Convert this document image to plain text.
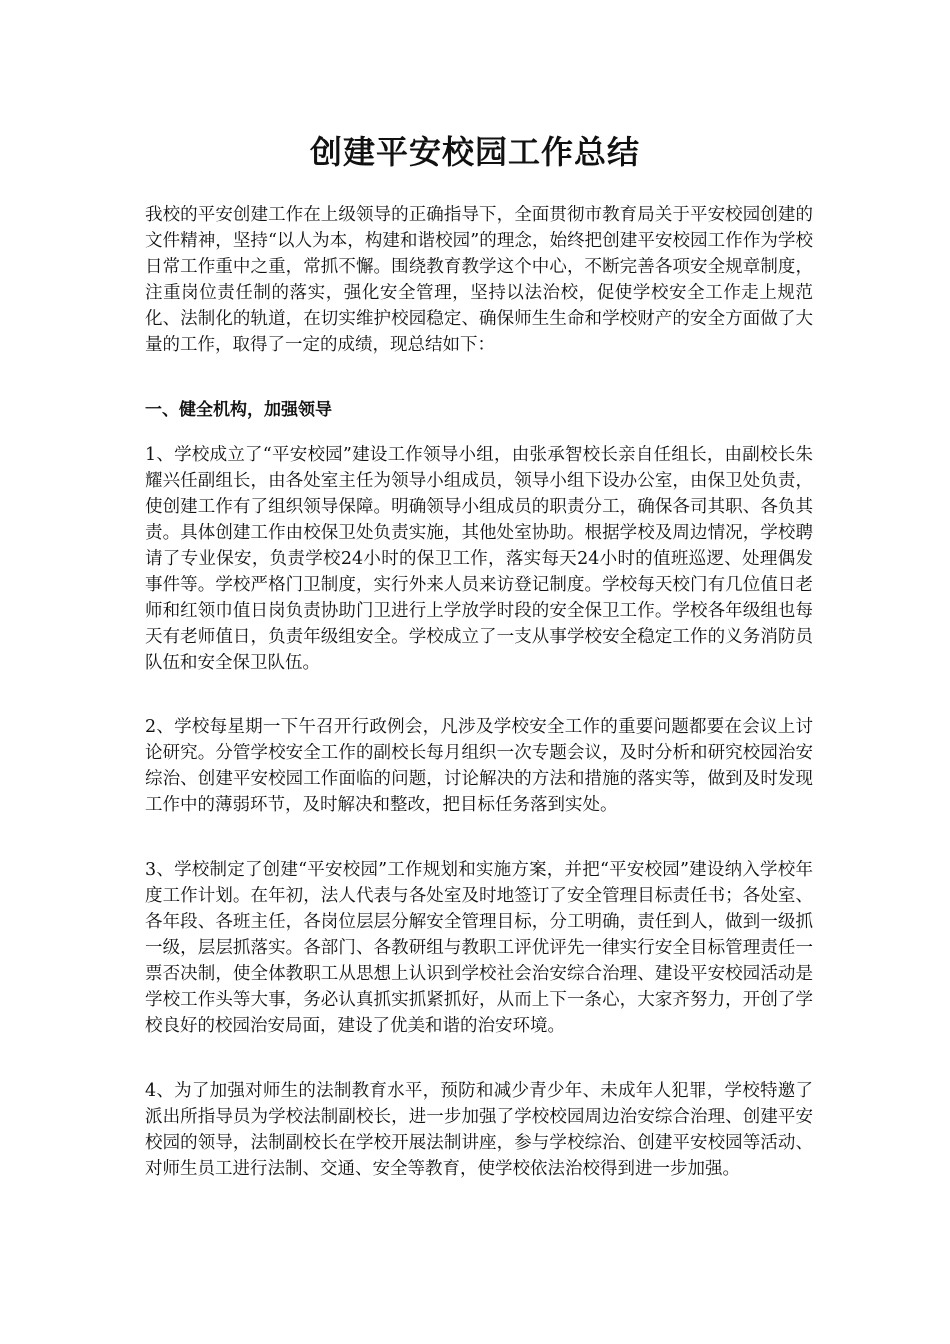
创建平安校园工作总结

我校的平安创建工作在上级领导的正确指导下，全面贯彻市教育局关于平安校园创建的文件精神，坚持“以人为本，构建和谐校园”的理念，始终把创建平安校园工作作为学校日常工作重中之重，常抓不懈。围绕教育教学这个中心，不断完善各项安全规章制度，注重岗位责任制的落实，强化安全管理，坚持以法治校，促使学校安全工作走上规范化、法制化的轨道，在切实维护校园稳定、确保师生生命和学校财产的安全方面做了大量的工作，取得了一定的成绩，现总结如下：

一、健全机构，加强领导

1、学校成立了“平安校园”建设工作领导小组，由张承智校长亲自任组长，由副校长朱耀兴任副组长，由各处室主任为领导小组成员，领导小组下设办公室，由保卫处负责，使创建工作有了组织领导保障。明确领导小组成员的职责分工，确保各司其职、各负其责。具体创建工作由校保卫处负责实施，其他处室协助。根据学校及周边情况，学校聘请了专业保安，负责学校24小时的保卫工作，落实每天24小时的值班巡逻、处理偶发事件等。学校严格门卫制度，实行外来人员来访登记制度。学校每天校门有几位值日老师和红领巾值日岗负责协助门卫进行上学放学时段的安全保卫工作。学校各年级组也每天有老师值日，负责年级组安全。学校成立了一支从事学校安全稳定工作的义务消防员队伍和安全保卫队伍。

2、学校每星期一下午召开行政例会，凡涉及学校安全工作的重要问题都要在会议上讨论研究。分管学校安全工作的副校长每月组织一次专题会议，及时分析和研究校园治安综治、创建平安校园工作面临的问题，讨论解决的方法和措施的落实等，做到及时发现工作中的薄弱环节，及时解决和整改，把目标任务落到实处。

3、学校制定了创建“平安校园”工作规划和实施方案，并把“平安校园”建设纳入学校年度工作计划。在年初，法人代表与各处室及时地签订了安全管理目标责任书；各处室、各年段、各班主任，各岗位层层分解安全管理目标，分工明确，责任到人，做到一级抓一级，层层抓落实。各部门、各教研组与教职工评优评先一律实行安全目标管理责任一票否决制，使全体教职工从思想上认识到学校社会治安综合治理、建设平安校园活动是学校工作头等大事，务必认真抓实抓紧抓好，从而上下一条心，大家齐努力，开创了学校良好的校园治安局面，建设了优美和谐的治安环境。

4、为了加强对师生的法制教育水平，预防和减少青少年、未成年人犯罪，学校特邀了派出所指导员为学校法制副校长，进一步加强了学校校园周边治安综合治理、创建平安校园的领导，法制副校长在学校开展法制讲座，参与学校综治、创建平安校园等活动、对师生员工进行法制、交通、安全等教育，使学校依法治校得到进一步加强。
